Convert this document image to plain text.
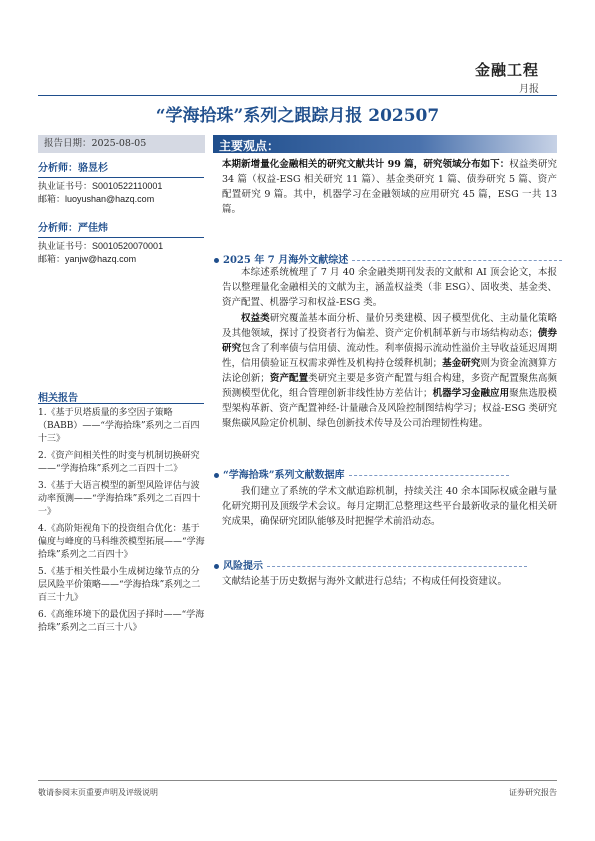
金融工程
月报
“学海拾珠”系列之跟踪月报 202507
报告日期：2025-08-05	主要观点：
分析师：骆昱杉
执业证书号：S0010522110001
邮箱：luoyushan@hazq.com
分析师：严佳炜
执业证书号：S0010520070001
邮箱：yanjw@hazq.com
相关报告
1.《基于贝塔质量的多空因子策略（BABB）——“学海拾珠”系列之二百四十三》
2.《资产间相关性的时变与机制切换研究——“学海拾珠”系列之二百四十二》
3.《基于大语言模型的新型风险评估与波动率预测——“学海拾珠”系列之二百四十一》
4.《高阶矩视角下的投资组合优化：基于偏度与峰度的马科维茨模型拓展——“学海拾珠”系列之二百四十》
5.《基于相关性最小生成树边缘节点的分层风险平价策略——“学海拾珠”系列之二百三十九》
6.《高维环境下的最优因子择时——“学海拾珠”系列之二百三十八》

本期新增量化金融相关的研究文献共计 99 篇，研究领域分布如下：权益类研究 34 篇（权益-ESG 相关研究 11 篇）、基金类研究 1 篇、债券研究 5 篇、资产配置研究 9 篇。其中，机器学习在金融领域的应用研究 45 篇，ESG 一共 13 篇。

2025 年 7 月海外文献综述

本综述系统梳理了 7 月 40 余金融类期刊发表的文献和 AI 顶会论文，本报告以整理量化金融相关的文献为主，涵盖权益类（非 ESG）、固收类、基金类、资产配置、机器学习和权益-ESG 类。

权益类研究覆盖基本面分析、量价另类建模、因子模型优化、主动量化策略及其他领域，探讨了投资者行为偏差、资产定价机制革新与市场结构动态；债券研究包含了利率债与信用债、流动性。利率债揭示流动性溢价主导收益延迟周期性，信用债验证互权需求弹性及机构持仓缓释机制；基金研究则为资金流测算方法论创新；资产配置类研究主要是多资产配置与组合构建，多资产配置聚焦高频预测模型优化，组合管理创新非线性协方差估计；机器学习金融应用聚焦选股模型架构革新、资产配置神经-计量融合及风险控制图结构学习；权益-ESG 类研究聚焦碳风险定价机制、绿色创新技术传导及公司治理韧性构建。

“学海拾珠”系列文献数据库

我们建立了系统的学术文献追踪机制，持续关注 40 余本国际权威金融与量化研究期刊及顶级学术会议。每月定期汇总整理这些平台最新收录的量化相关研究成果，确保研究团队能够及时把握学术前沿动态。

风险提示

文献结论基于历史数据与海外文献进行总结；不构成任何投资建议。

敬请参阅末页重要声明及评级说明	证券研究报告
